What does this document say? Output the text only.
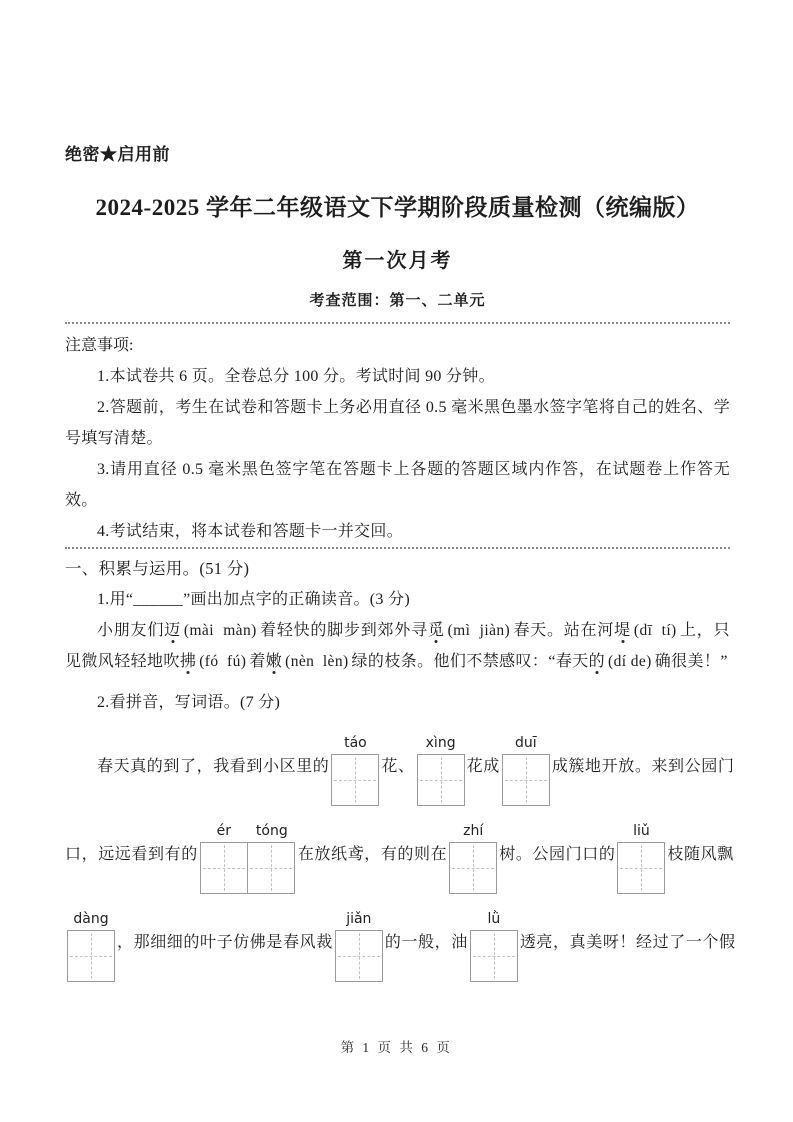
绝密★启用前
2024-2025 学年二年级语文下学期阶段质量检测（统编版）
第一次月考
考查范围：第一、二单元
注意事项:

1.本试卷共 6 页。全卷总分 100 分。考试时间 90 分钟。

2.答题前，考生在试卷和答题卡上务必用直径 0.5 毫米黑色墨水签字笔将自己的姓名、学号填写清楚。

3.请用直径 0.5 毫米黑色签字笔在答题卡上各题的答题区域内作答，在试题卷上作答无效。

4.考试结束，将本试卷和答题卡一并交回。

一、积累与运用。(51 分)

1.用“______”画出加点字的正确读音。(3 分)

小朋友们迈 (mài  màn) 着轻快的脚步到郊外寻觅 (mì  jiàn) 春天。站在河堤 (dī  tí) 上，只见微风轻轻地吹拂 (fó  fú) 着嫩 (nèn  lèn) 绿的枝条。他们不禁感叹：“春天的 (dí de) 确很美！”

2.看拼音，写词语。(7 分)

春天真的到了，我看到小区里的
táo
花、
xìng
花成
duī
成簇地开放。来到公园门
口，远远看到有的
ér	tóng
在放纸鸢，有的则在
zhí
树。公园门口的
liǔ
枝随风飘
dàng
，那细细的叶子仿佛是春风裁
jiǎn
的一般，油
lǜ
透亮，真美呀！经过了一个假
第 1 页 共 6 页
